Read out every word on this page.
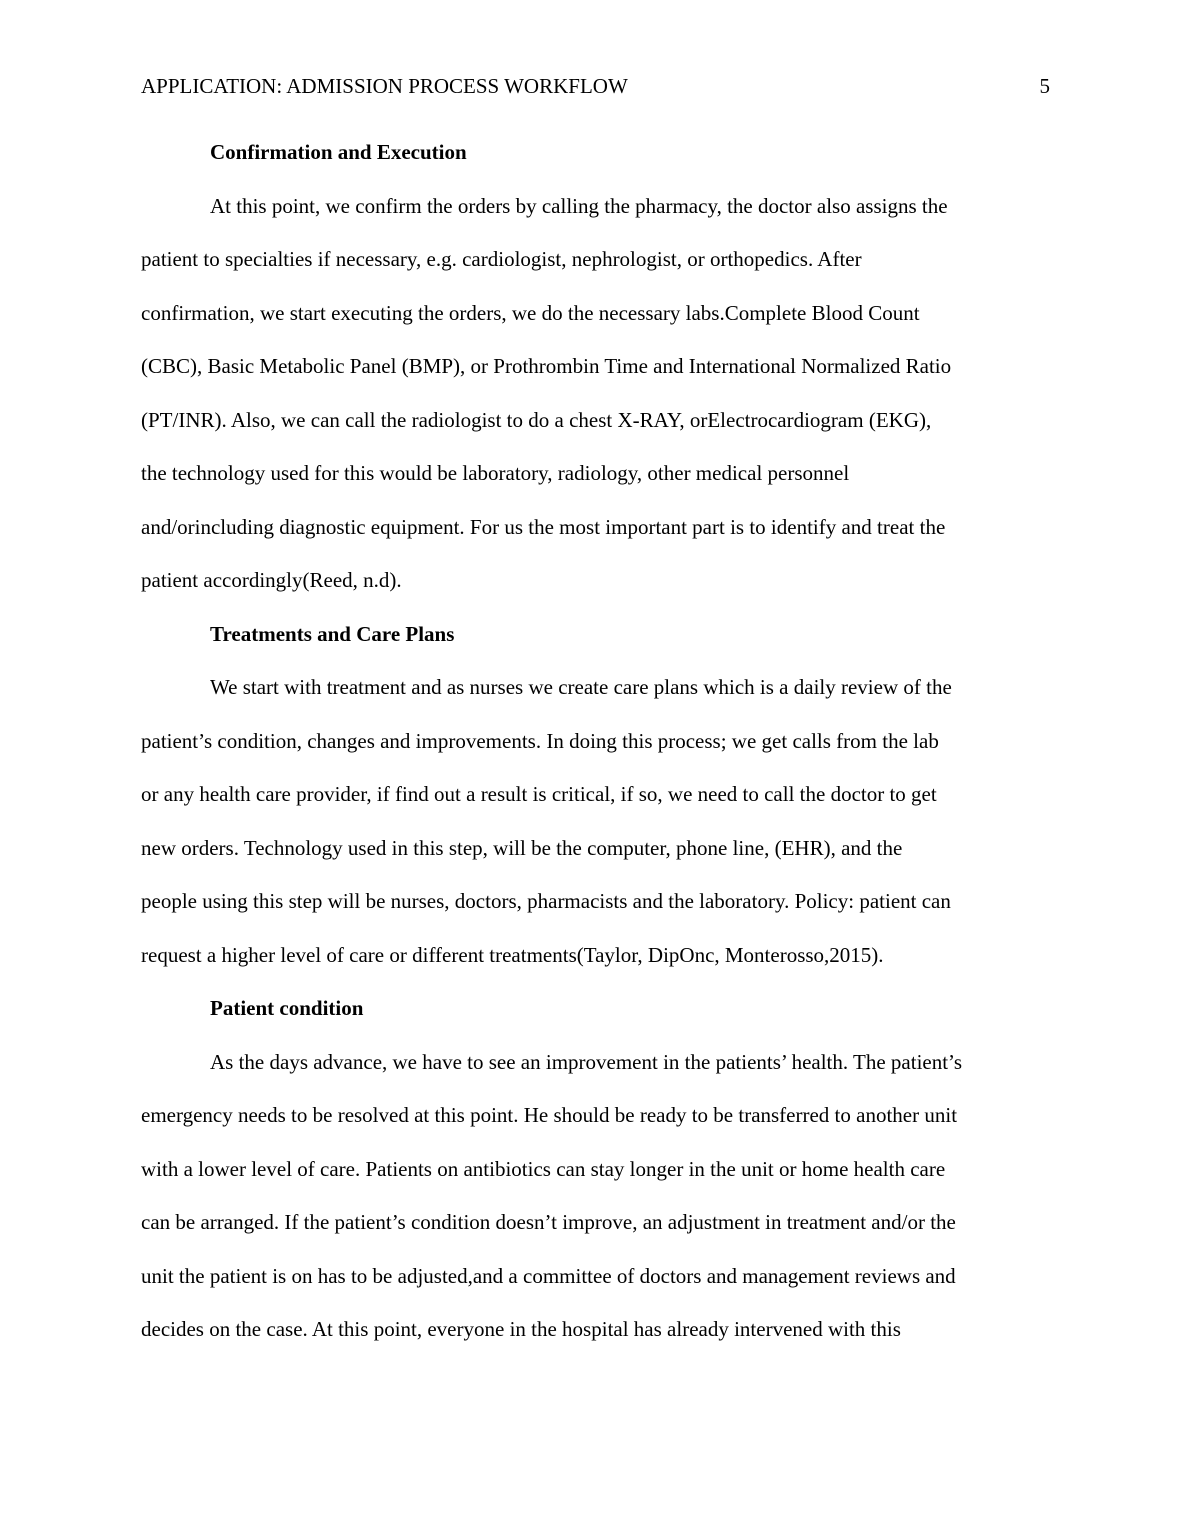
APPLICATION: ADMISSION PROCESS WORKFLOW	5
Confirmation and Execution

At this point, we confirm the orders by calling the pharmacy, the doctor also assigns the
patient to specialties if necessary, e.g. cardiologist, nephrologist, or orthopedics. After
confirmation, we start executing the orders, we do the necessary labs.Complete Blood Count
(CBC), Basic Metabolic Panel (BMP), or Prothrombin Time and International Normalized Ratio
(PT/INR). Also, we can call the radiologist to do a chest X-RAY, orElectrocardiogram (EKG),
the technology used for this would be laboratory, radiology, other medical personnel
and/orincluding diagnostic equipment. For us the most important part is to identify and treat the
patient accordingly(Reed, n.d).

Treatments and Care Plans

We start with treatment and as nurses we create care plans which is a daily review of the
patient’s condition, changes and improvements. In doing this process; we get calls from the lab
or any health care provider, if find out a result is critical, if so, we need to call the doctor to get
new orders. Technology used in this step, will be the computer, phone line, (EHR), and the
people using this step will be nurses, doctors, pharmacists and the laboratory. Policy: patient can
request a higher level of care or different treatments(Taylor, DipOnc, Monterosso,2015).

Patient condition

As the days advance, we have to see an improvement in the patients’ health. The patient’s
emergency needs to be resolved at this point. He should be ready to be transferred to another unit
with a lower level of care. Patients on antibiotics can stay longer in the unit or home health care
can be arranged. If the patient’s condition doesn’t improve, an adjustment in treatment and/or the
unit the patient is on has to be adjusted,and a committee of doctors and management reviews and
decides on the case. At this point, everyone in the hospital has already intervened with this
